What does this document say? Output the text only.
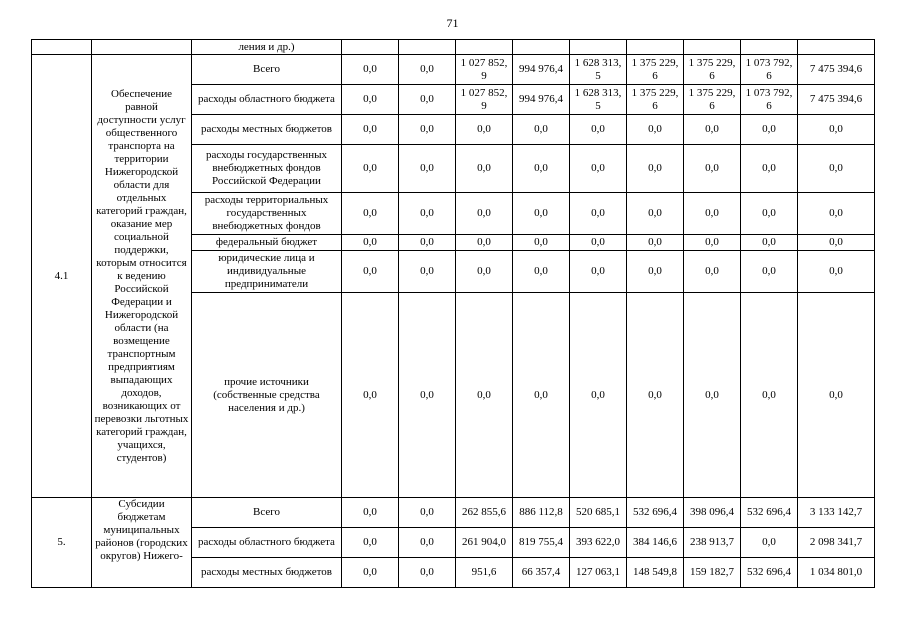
71
		ления и др.)									
4.1	Обеспечение равной доступности услуг общественного транспорта на территории Нижегородской области для отдельных категорий граждан, оказание мер социальной поддержки, которым относится к ведению Российской Федерации и Нижегородской области (на возмещение транспортным предприятиям выпадающих доходов, возникающих от перевозки льготных категорий граждан, учащихся, студентов)	Всего	0,0	0,0	1 027 852,9	994 976,4	1 628 313,5	1 375 229,6	1 375 229,6	1 073 792,6	7 475 394,6
		расходы областного бюджета	0,0	0,0	1 027 852,9	994 976,4	1 628 313,5	1 375 229,6	1 375 229,6	1 073 792,6	7 475 394,6
		расходы местных бюджетов	0,0	0,0	0,0	0,0	0,0	0,0	0,0	0,0	0,0
		расходы государственных внебюджетных фондов Российской Федерации	0,0	0,0	0,0	0,0	0,0	0,0	0,0	0,0	0,0
		расходы территориальных государственных внебюджетных фондов	0,0	0,0	0,0	0,0	0,0	0,0	0,0	0,0	0,0
		федеральный бюджет	0,0	0,0	0,0	0,0	0,0	0,0	0,0	0,0	0,0
		юридические лица и индивидуальные предприниматели	0,0	0,0	0,0	0,0	0,0	0,0	0,0	0,0	0,0
		прочие источники (собственные средства населения и др.)	0,0	0,0	0,0	0,0	0,0	0,0	0,0	0,0	0,0
5.	Субсидии бюджетам муниципальных районов (городских округов) Нижего-	Всего	0,0	0,0	262 855,6	886 112,8	520 685,1	532 696,4	398 096,4	532 696,4	3 133 142,7
		расходы областного бюджета	0,0	0,0	261 904,0	819 755,4	393 622,0	384 146,6	238 913,7	0,0	2 098 341,7
		расходы местных бюджетов	0,0	0,0	951,6	66 357,4	127 063,1	148 549,8	159 182,7	532 696,4	1 034 801,0
